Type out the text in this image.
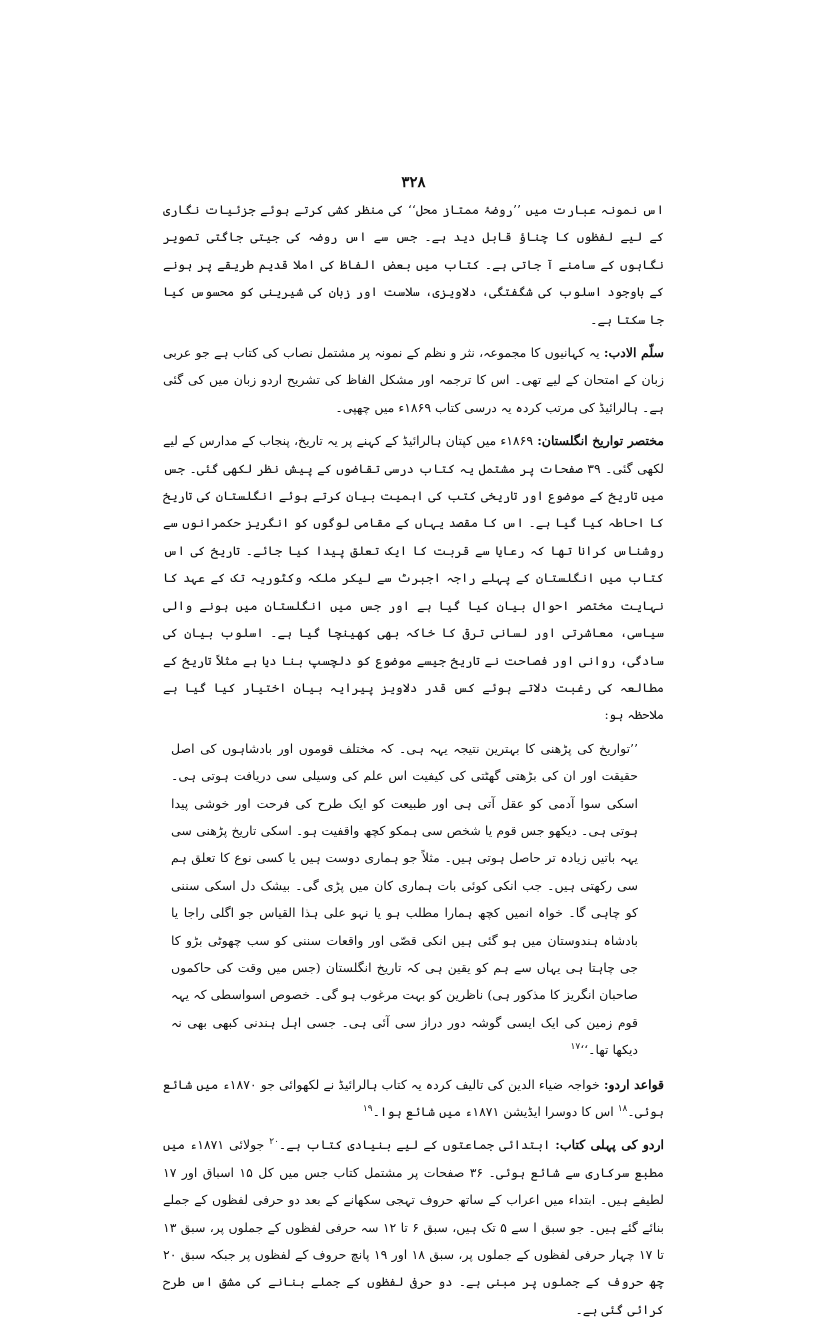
۳۲۸

اس نمونہ عبارت میں ’’روضۂ ممتاز محل‘‘ کی منظر کشی کرتے ہوئے جزئیات نگاری کے لیے لفظوں کا چناؤ قابل دید ہے۔ جس سے اس روضہ کی جیتی جاگتی تصویر نگاہوں کے سامنے آ جاتی ہے۔ کتاب میں بعض الفاظ کی املا قدیم طریقے پر ہونے کے باوجود اسلوب کی شگفتگی، دلاویزی، سلاست اور زبان کی شیرینی کو محسوس کیا جا سکتا ہے۔

سلّم الادب: یہ کہانیوں کا مجموعہ، نثر و نظم کے نمونہ پر مشتمل نصاب کی کتاب ہے جو عربی زبان کے امتحان کے لیے تھی۔ اس کا ترجمہ اور مشکل الفاظ کی تشریح اردو زبان میں کی گئی ہے۔ ہالرائیڈ کی مرتب کردہ یہ درسی کتاب ۱۸۶۹ء میں چھپی۔

مختصر تواریخ انگلستان: ۱۸۶۹ء میں کپتان ہالرائیڈ کے کہنے پر یہ تاریخ، پنجاب کے مدارس کے لیے لکھی گئی۔ ۳۹ صفحات پر مشتمل یہ کتاب درسی تقاضوں کے پیش نظر لکھی گئی۔ جس میں تاریخ کے موضوع اور تاریخی کتب کی اہمیت بیان کرتے ہوئے انگلستان کی تاریخ کا احاطہ کیا گیا ہے۔ اس کا مقصد یہاں کے مقامی لوگوں کو انگریز حکمرانوں سے روشناس کرانا تھا کہ رعایا سے قربت کا ایک تعلق پیدا کیا جائے۔ تاریخ کی اس کتاب میں انگلستان کے پہلے راجہ اجبرٹ سے لیکر ملکہ وکٹوریہ تک کے عہد کا نہایت مختصر احوال بیان کیا گیا ہے اور جس میں انگلستان میں ہونے والی سیاسی، معاشرتی اور لسانی ترقی کا خاکہ بھی کھینچا گیا ہے۔ اسلوب بیان کی سادگی، روانی اور فصاحت نے تاریخ جیسے موضوع کو دلچسپ بنا دیا ہے مثلاً تاریخ کے مطالعہ کی رغبت دلاتے ہوئے کس قدر دلاویز پیرایہ بیان اختیار کیا گیا ہے ملاحظہ ہو:

’’تواریخ کی پڑھنی کا بہترین نتیجہ یہہ ہی۔ کہ مختلف قوموں اور بادشاہوں کی اصل حقیقت اور ان کی بڑھتی گھٹتی کی کیفیت اس علم کی وسیلی سی دریافت ہوتی ہی۔ اسکی سوا آدمی کو عقل آتی ہی اور طبیعت کو ایک طرح کی فرحت اور خوشی پیدا ہوتی ہی۔ دیکھو جس قوم یا شخص سی ہمکو کچھ واقفیت ہو۔ اسکی تاریخ پڑھنی سی یہہ باتیں زیادہ تر حاصل ہوتی ہیں۔ مثلاً جو ہماری دوست ہیں یا کسی نوع کا تعلق ہم سی رکھتی ہیں۔ جب انکی کوئی بات ہماری کان میں پڑی گی۔ بیشک دل اسکی سننی کو چاہی گا۔ خواہ انمیں کچھ ہمارا مطلب ہو یا نہو علی ہذا القیاس جو اگلی راجا یا بادشاہ ہندوستان میں ہو گئی ہیں انکی قصّی اور واقعات سننی کو سب چھوٹی بڑو کا جی چاہتا ہی یہاں سے ہم کو یقین ہی کہ تاریخ انگلستان (جس میں وقت کی حاکموں صاحبان انگریز کا مذکور ہی) ناظرین کو بہت مرغوب ہو گی۔ خصوص اسواسطی کہ یہہ قوم زمین کی ایک ایسی گوشہ دور دراز سی آئی ہی۔ جسی اہل ہندنی کبھی بھی نہ دیکھا تھا۔‘‘$^{۱۷}$

قواعد اردو: خواجہ ضیاء الدین کی تالیف کردہ یہ کتاب ہالرائیڈ نے لکھوائی جو ۱۸۷۰ء میں شائع ہوئی۔$^{۱۸}$ اس کا دوسرا ایڈیشن ۱۸۷۱ء میں شائع ہوا۔$^{۱۹}$

اردو کی پہلی کتاب: ابتدائی جماعتوں کے لیے بنیادی کتاب ہے۔$^{۲۰}$ جولائی ۱۸۷۱ء میں مطبع سرکاری سے شائع ہوئی۔ ۳۶ صفحات پر مشتمل کتاب جس میں کل ۱۵ اسباق اور ۱۷ لطیفے ہیں۔ ابتداء میں اعراب کے ساتھ حروف تہجی سکھانے کے بعد دو حرفی لفظوں کے جملے بنائے گئے ہیں۔ جو سبق ا سے ۵ تک ہیں، سبق ۶ تا ۱۲ سہ حرفی لفظوں کے جملوں پر، سبق ۱۳ تا ۱۷ چہار حرفی لفظوں کے جملوں پر، سبق ۱۸ اور ۱۹ پانچ حروف کے لفظوں پر جبکہ سبق ۲۰ چھ حروف کے جملوں پر مبنی ہے۔ دو حرفی لفظوں کے جملے بنانے کی مشق اس طرح کرائی گئی ہے۔
